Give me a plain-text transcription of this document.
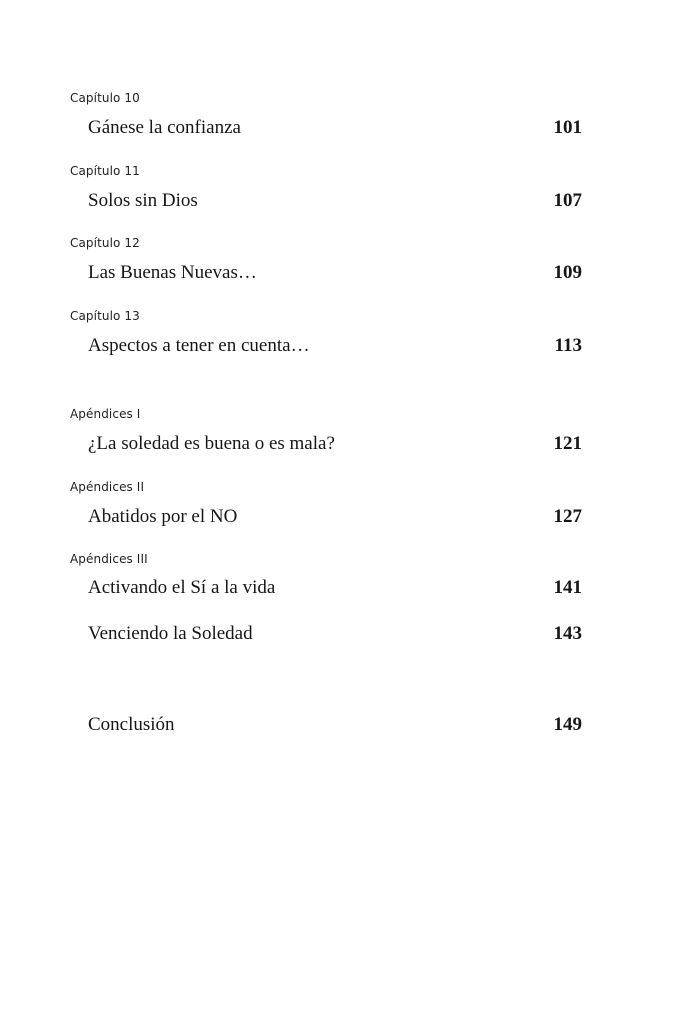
Capítulo 10
Gánese la confianza	101
Capítulo 11
Solos sin Dios	107
Capítulo 12
Las Buenas Nuevas…	109
Capítulo 13
Aspectos a tener en cuenta…	113
Apéndices I
¿La soledad es buena o es mala?	121
Apéndices II
Abatidos por el NO	127
Apéndices III
Activando el Sí a la vida	141
Venciendo la Soledad	143
Conclusión	149
